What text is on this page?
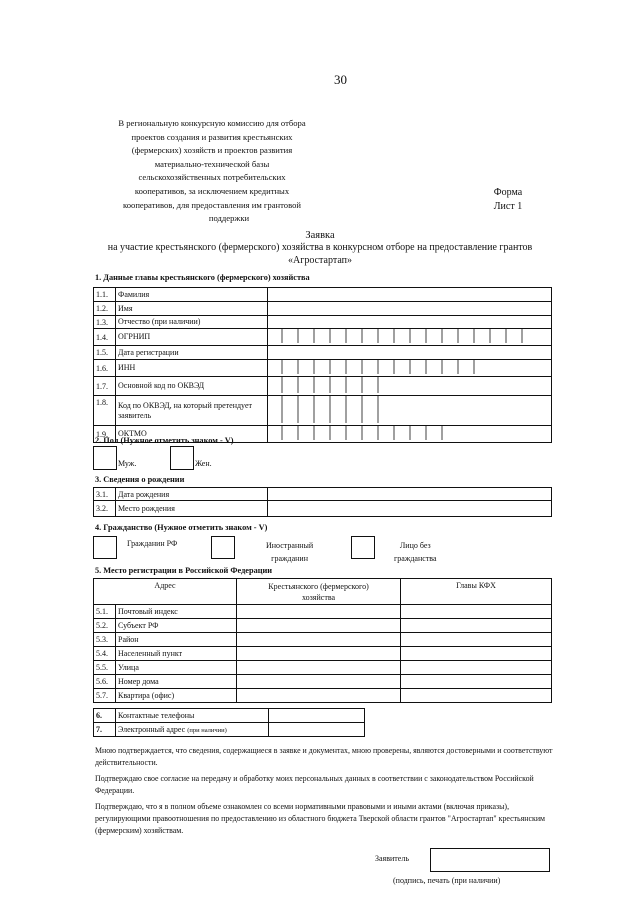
30
В региональную конкурсную комиссию для отбора
проектов создания и развития крестьянских
(фермерских) хозяйств и проектов развития
материально-технической базы
сельскохозяйственных потребительских
кооперативов, за исключением кредитных
кооперативов, для предоставления им грантовой
поддержки
Форма
Лист 1
Заявка
на участие крестьянского (фермерского) хозяйства в конкурсном отборе на предоставление грантов
«Агростартап»
1. Данные главы крестьянского (фермерского) хозяйства
1.1.	Фамилия	
1.2.	Имя	
1.3.	Отчество (при наличии)	
1.4.	ОГРНИП	
1.5.	Дата регистрации	
1.6.	ИНН	
1.7.	Основной код по ОКВЭД	
1.8.	Код по ОКВЭД, на который претендует заявитель	
1.9.	ОКТМО	
2. Пол (Нужное отметить знаком - V)
Муж.	Жен.
3. Сведения о рождении
3.1.	Дата рождения	
3.2.	Место рождения	
4. Гражданство (Нужное отметить знаком - V)
Гражданин РФ	Иностранный
гражданин
Лицо без
гражданства
5. Место регистрации в Российской Федерации
Адрес		Крестьянского (фермерского)
хозяйства	Главы КФХ
5.1.	Почтовый индекс		
5.2.	Субъект РФ		
5.3.	Район		
5.4.	Населенный пункт		
5.5.	Улица		
5.6.	Номер дома		
5.7.	Квартира (офис)		
6.	Контактные телефоны	
7.	Электронный адрес (при наличии)	
Мною подтверждается, что сведения, содержащиеся в заявке и документах, мною проверены, являются достоверными и соответствуют действительности.
Подтверждаю свое согласие на передачу и обработку моих персональных данных в соответствии с законодательством Российской Федерации.
Подтверждаю, что я в полном объеме ознакомлен со всеми нормативными правовыми и иными актами (включая приказы), регулирующими правоотношения по предоставлению из областного бюджета Тверской области грантов "Агростартап" крестьянским (фермерским) хозяйствам.
Заявитель
(подпись, печать (при наличии)
